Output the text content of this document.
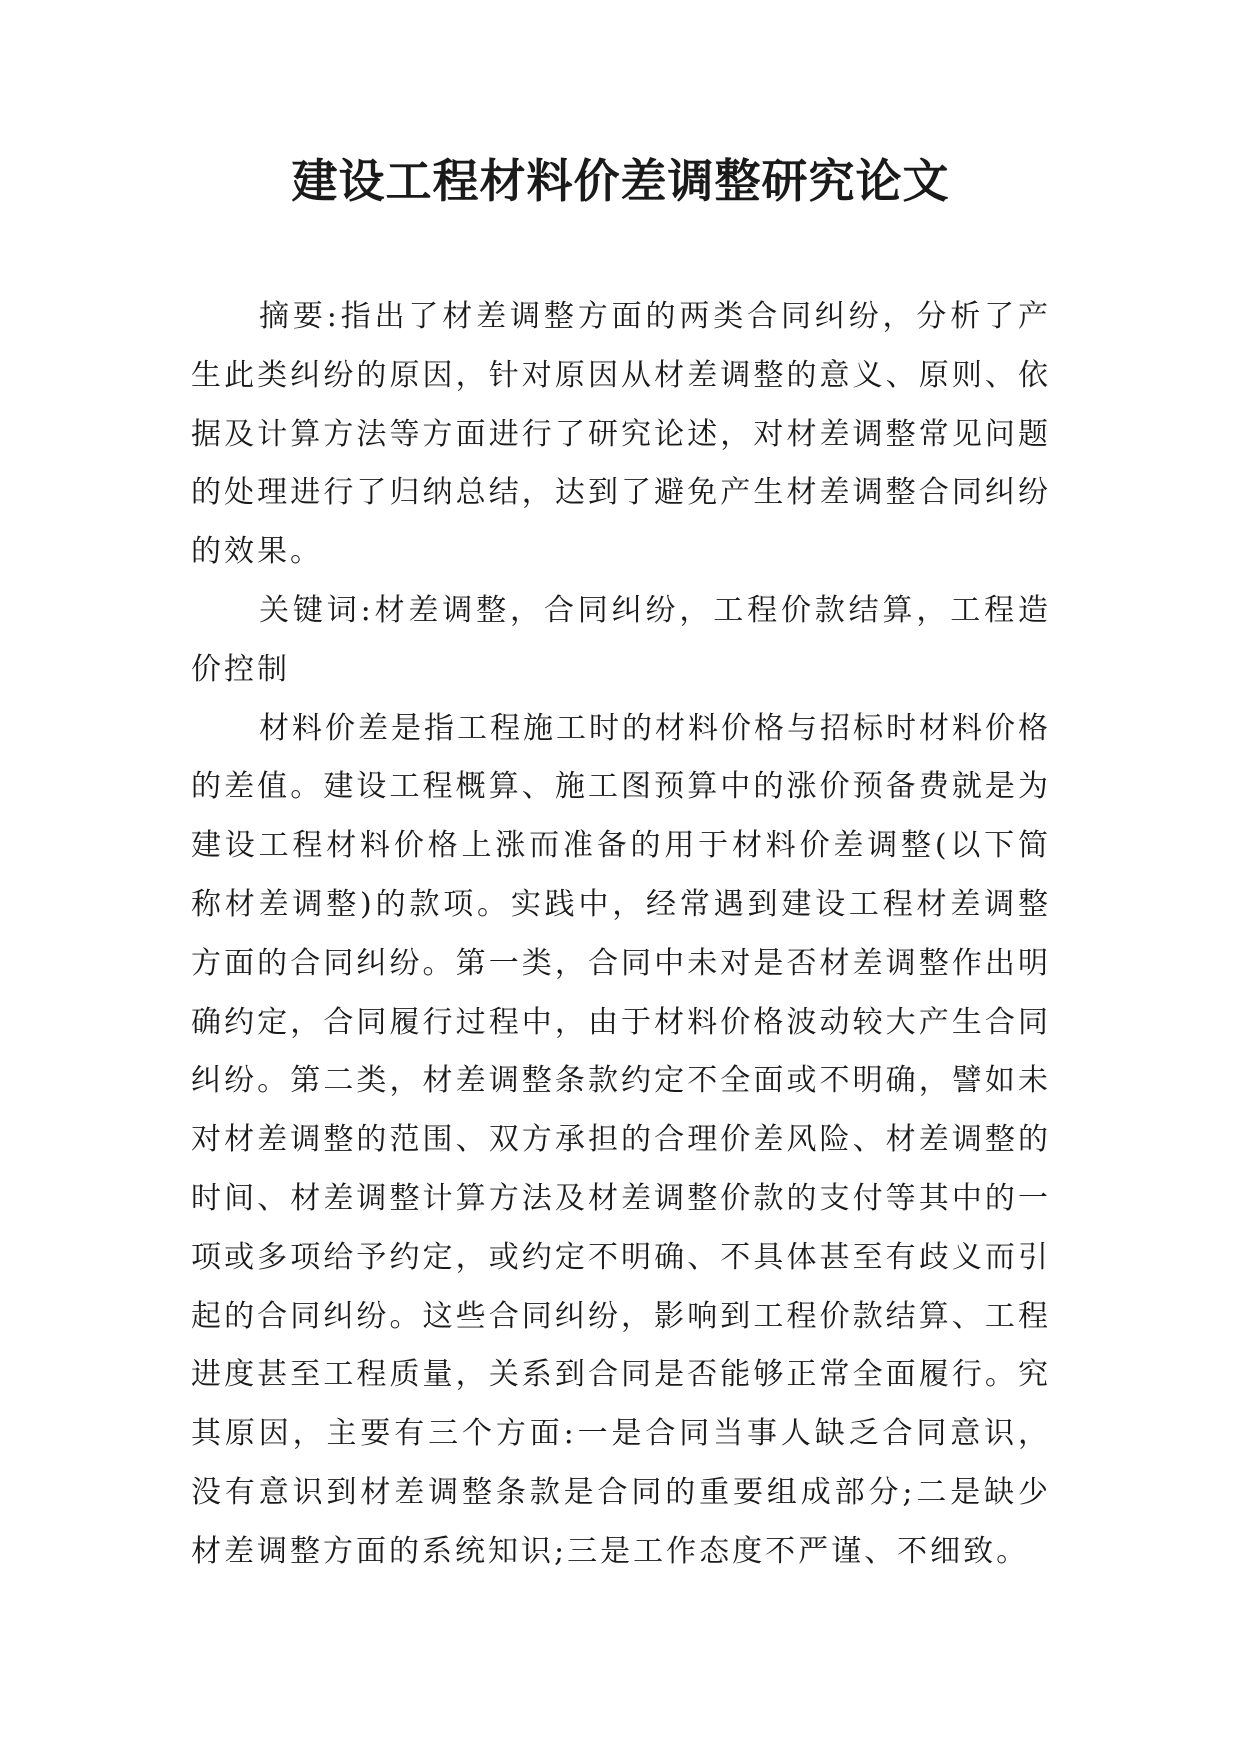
建设工程材料价差调整研究论文

摘要:指出了材差调整方面的两类合同纠纷，分析了产生此类纠纷的原因，针对原因从材差调整的意义、原则、依据及计算方法等方面进行了研究论述，对材差调整常见问题的处理进行了归纳总结，达到了避免产生材差调整合同纠纷的效果。

关键词:材差调整，合同纠纷，工程价款结算，工程造价控制

材料价差是指工程施工时的材料价格与招标时材料价格的差值。建设工程概算、施工图预算中的涨价预备费就是为建设工程材料价格上涨而准备的用于材料价差调整(以下简称材差调整)的款项。实践中，经常遇到建设工程材差调整方面的合同纠纷。第一类，合同中未对是否材差调整作出明确约定，合同履行过程中，由于材料价格波动较大产生合同纠纷。第二类，材差调整条款约定不全面或不明确，譬如未对材差调整的范围、双方承担的合理价差风险、材差调整的时间、材差调整计算方法及材差调整价款的支付等其中的一项或多项给予约定，或约定不明确、不具体甚至有歧义而引起的合同纠纷。这些合同纠纷，影响到工程价款结算、工程进度甚至工程质量，关系到合同是否能够正常全面履行。究其原因，主要有三个方面:一是合同当事人缺乏合同意识，没有意识到材差调整条款是合同的重要组成部分;二是缺少材差调整方面的系统知识;三是工作态度不严谨、不细致。
